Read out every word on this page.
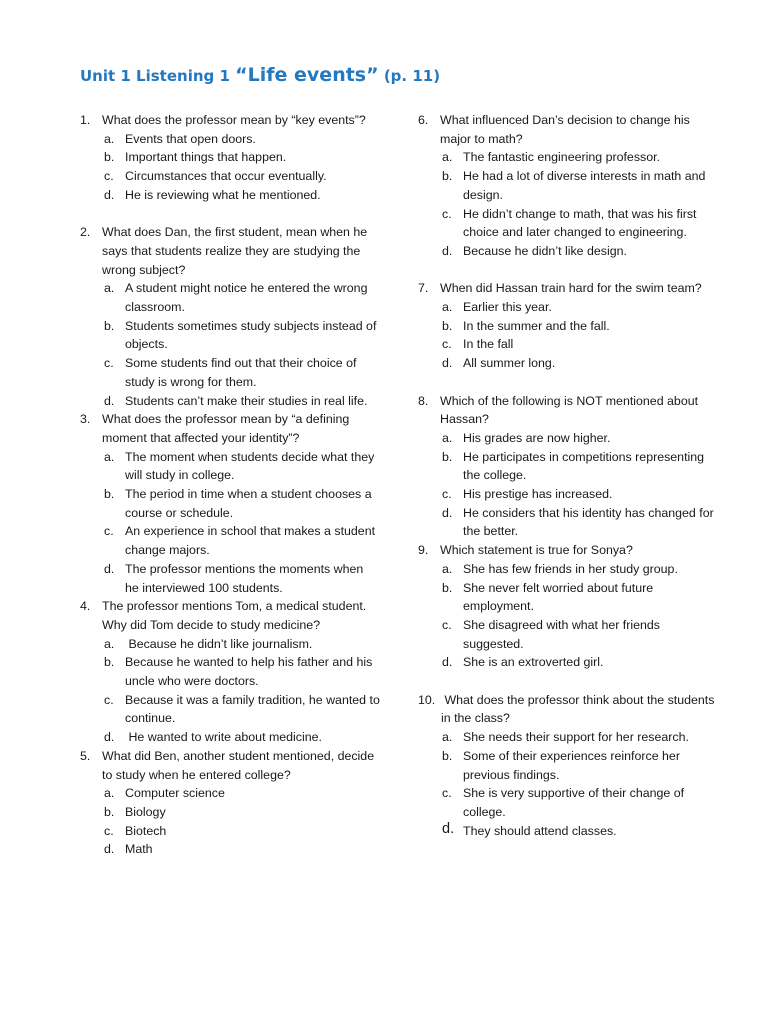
Unit 1 Listening 1 “Life events” (p. 11)
1. What does the professor mean by “key events”?
a. Events that open doors.
b. Important things that happen.
c. Circumstances that occur eventually.
d. He is reviewing what he mentioned.
2. What does Dan, the first student, mean when he says that students realize they are studying the wrong subject?
a. A student might notice he entered the wrong classroom.
b. Students sometimes study subjects instead of objects.
c. Some students find out that their choice of study is wrong for them.
d. Students can’t make their studies in real life.
3. What does the professor mean by “a defining moment that affected your identity”?
a. The moment when students decide what they will study in college.
b. The period in time when a student chooses a course or schedule.
c. An experience in school that makes a student change majors.
d. The professor mentions the moments when he interviewed 100 students.
4. The professor mentions Tom, a medical student. Why did Tom decide to study medicine?
a. Because he didn’t like journalism.
b. Because he wanted to help his father and his uncle who were doctors.
c. Because it was a family tradition, he wanted to continue.
d. He wanted to write about medicine.
5. What did Ben, another student mentioned, decide to study when he entered college?
a. Computer science
b. Biology
c. Biotech
d. Math
6. What influenced Dan’s decision to change his major to math?
a. The fantastic engineering professor.
b. He had a lot of diverse interests in math and design.
c. He didn’t change to math, that was his first choice and later changed to engineering.
d. Because he didn’t like design.
7. When did Hassan train hard for the swim team?
a. Earlier this year.
b. In the summer and the fall.
c. In the fall
d. All summer long.
8. Which of the following is NOT mentioned about Hassan?
a. His grades are now higher.
b. He participates in competitions representing the college.
c. His prestige has increased.
d. He considers that his identity has changed for the better.
9. Which statement is true for Sonya?
a. She has few friends in her study group.
b. She never felt worried about future employment.
c. She disagreed with what her friends suggested.
d. She is an extroverted girl.
10. What does the professor think about the students in the class?
a. She needs their support for her research.
b. Some of their experiences reinforce her previous findings.
c. She is very supportive of their change of college.
d. They should attend classes.
